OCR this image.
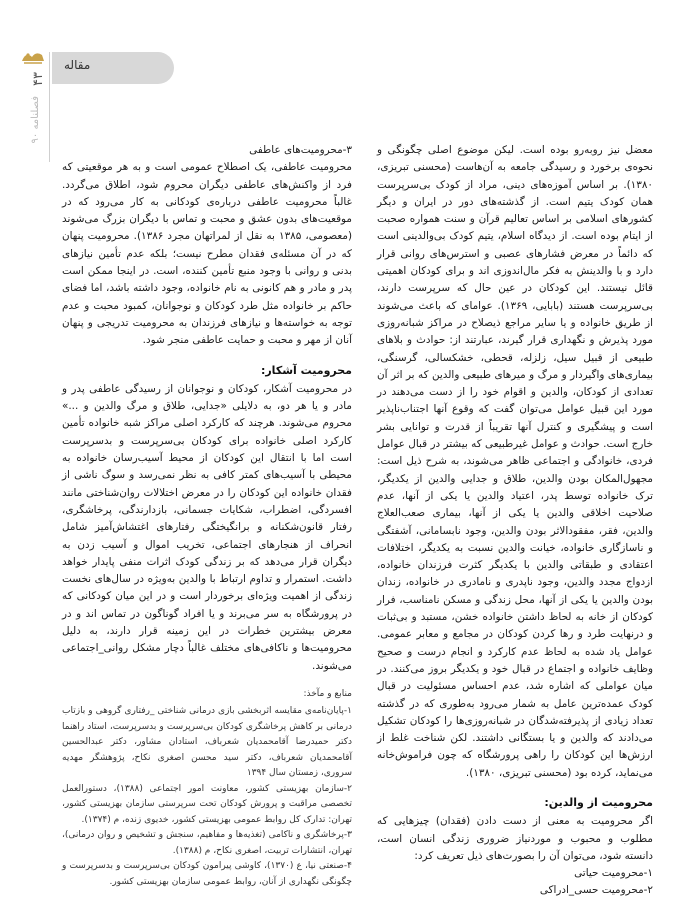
۴۳
فصلنامه ۹۰
مقاله

معضل نیز روبه‌رو بوده است. لیکن موضوع اصلی چگونگی و نحوه‌ی برخورد و رسیدگی جامعه به آن‌هاست (محسنی تبریزی، ۱۳۸۰). بر اساس آموزه‌های دینی، مراد از کودک بی‌سرپرست همان کودک یتیم است. از گذشته‌های دور در ایران و دیگر کشورهای اسلامی بر اساس تعالیم قرآن و سنت همواره صحبت از ایتام بوده است. از دیدگاه اسلام، یتیم کودک بی‌والدینی است که دائماً در معرض فشارهای عصبی و استرس‌های روانی قرار دارد و با والدینش به فکر مال‌اندوزی اند و برای کودکان اهمیتی قائل نیستند. این کودکان در عین حال که سرپرست دارند، بی‌سرپرست هستند (بابایی، ۱۳۶۹). عوامای که باعث می‌شوند از طریق خانواده و یا سایر مراجع ذیصلاح در مراکز شبانه‌روزی مورد پذیرش و نگهداری قرار گیرند، عبارتند از: حوادث و بلاهای طبیعی از قبیل سیل، زلزله، قحطی، خشکسالی، گرسنگی، بیماری‌های واگیردار و مرگ و میرهای طبیعی والدین که بر اثر آن تعدادی از کودکان، والدین و اقوام خود را از دست می‌دهند در مورد این قبیل عوامل می‌توان گفت که وقوع آنها اجتناب‌ناپذیر است و پیشگیری و کنترل آنها تقریباً از قدرت و توانایی بشر خارج است. حوادث و عوامل غیرطبیعی که بیشتر در قبال عوامل فردی، خانوادگی و اجتماعی ظاهر می‌شوند، به شرح ذیل است: مجهول‌المکان بودن والدین، طلاق و جدایی والدین از یکدیگر، ترک خانواده توسط پدر، اعتیاد والدین یا یکی از آنها، عدم صلاحیت اخلاقی والدین یا یکی از آنها، بیماری صعب‌العلاج والدین، فقر، مفقودالاثر بودن والدین، وجود نابسامانی، آشفتگی و ناسازگاری خانواده، خیانت والدین نسبت به یکدیگر، اختلافات اعتقادی و طبقاتی والدین با یکدیگر کثرت فرزندان خانواده، ازدواج مجدد والدین، وجود ناپدری و نامادری در خانواده، زندان بودن والدین یا یکی از آنها، محل زندگی و مسکن نامناسب، فرار کودکان از خانه به لحاظ داشتن خانواده خشن، مستبد و بی‌ثبات و درنهایت طرد و رها کردن کودکان در مجامع و معابر عمومی. عوامل یاد شده به لحاظ عدم کارکرد و انجام درست و صحیح وظایف خانواده و اجتماع در قبال خود و یکدیگر بروز می‌کنند. در میان عواملی که اشاره شد، عدم احساس مسئولیت در قبال کودک عمده‌ترین عامل به شمار می‌رود به‌طوری که در گذشته تعداد زیادی از پذیرفته‌شدگان در شبانه‌روزی‌ها را کودکان تشکیل می‌دادند که والدین و یا بستگانی داشتند. لکن شناخت غلط از ارزش‌ها این کودکان را راهی پرورشگاه که چون فراموش‌خانه می‌نماید، کرده بود (محسنی تبریزی، ۱۳۸۰).

محرومیت از والدین:

اگر محرومیت به معنی از دست دادن (فقدان) چیزهایی که مطلوب و محبوب و موردنیاز ضروری زندگی انسان است، دانسته شود، می‌توان آن را بصورت‌های ذیل تعریف کرد:

۱-محرومیت حیاتی
۲-محرومیت حسی_ادراکی
۳-محرومیت‌های عاطفی

محرومیت عاطفی، یک اصطلاح عمومی است و به هر موقعیتی که فرد از واکنش‌های عاطفی دیگران محروم شود، اطلاق می‌گردد. غالباً محرومیت عاطفی درباره‌ی کودکانی به کار می‌رود که در موقعیت‌های بدون عشق و محبت و تماس با دیگران بزرگ می‌شوند (معصومی، ۱۳۸۵ به نقل از لمراتهان مجرد ۱۳۸۶). محرومیت پنهان که در آن مسئله‌ی فقدان مطرح نیست؛ بلکه عدم تأمین نیازهای بدنی و روانی با وجود منبع تأمین کننده، است. در اینجا ممکن است پدر و مادر و هم کانونی به نام خانواده، وجود داشته باشد، اما فضای حاکم بر خانواده مثل طرد کودکان و نوجوانان، کمبود محبت و عدم توجه به خواسته‌ها و نیازهای فرزندان به محرومیت تدریجی و پنهان آنان از مهر و محبت و حمایت عاطفی منجر شود.

محرومیت آشکار:

در محرومیت آشکار، کودکان و نوجوانان از رسیدگی عاطفی پدر و مادر و یا هر دو، به دلایلی «جدایی، طلاق و مرگ والدین و ...» محروم می‌شوند. هرچند که کارکرد اصلی مراکز شبه خانواده تأمین کارکرد اصلی خانواده برای کودکان بی‌سرپرست و بدسرپرست است اما با انتقال این کودکان از محیط آسیب‌رسان خانواده به محیطی با آسیب‌های کمتر کافی به نظر نمی‌رسد و سوگ ناشی از فقدان خانواده این کودکان را در معرض اختلالات روان‌شناختی مانند افسردگی، اضطراب، شکایات جسمانی، بازدارندگی، پرخاشگری، رفتار قانون‌شکنانه و برانگیختگی رفتارهای اغتشاش‌آمیز شامل انحراف از هنجارهای اجتماعی، تخریب اموال و آسیب زدن به دیگران قرار می‌دهد که بر زندگی کودک اثرات منفی پایدار خواهد داشت. استمرار و تداوم ارتباط با والدین به‌ویژه در سال‌های نخست زندگی از اهمیت ویژه‌ای برخوردار است و در این میان کودکانی که در پرورشگاه به سر می‌برند و یا افراد گوناگون در تماس اند و در معرض بیشترین خطرات در این زمینه قرار دارند، به دلیل محرومیت‌ها و ناکافی‌های مختلف غالباً دچار مشکل روانی_اجتماعی می‌شوند.

منابع و مآخذ:

۱-پایان‌نامه‌ی مقایسه اثربخشی بازی درمانی شناختی _رفتاری گروهی و بازتاب درمانی بر کاهش پرخاشگری کودکان بی‌سرپرست و بدسرپرست، استاد راهنما دکتر حمیدرضا آقامحمدیان شعرباف، استادان مشاور، دکتر عبدالحسین آقامحمدیان شعرباف، دکتر سید محسن اصغری نکاح، پژوهشگر مهدیه سروری، زمستان سال ۱۳۹۴

۲-سازمان بهزیستی کشور، معاونت امور اجتماعی (۱۳۸۸)، دستورالعمل تخصصی مراقبت و پرورش کودکان تحت سرپرستی سازمان بهزیستی کشور، تهران: تدارک کل روابط عمومی بهزیستی کشور، خدیوی زنده، م (۱۳۷۴).

۳-پرخاشگری و ناکامی (تغذیه‌ها و مفاهیم، سنجش و تشخیص و روان درمانی)، تهران، انتشارات تربیت، اصغری نکاح، م (۱۳۸۸).

۴-صنعتی نیا، ع (۱۳۷۰)، کاوشی پیرامون کودکان بی‌سرپرست و بدسرپرست و چگونگی نگهداری از آنان، روابط عمومی سازمان بهزیستی کشور.
